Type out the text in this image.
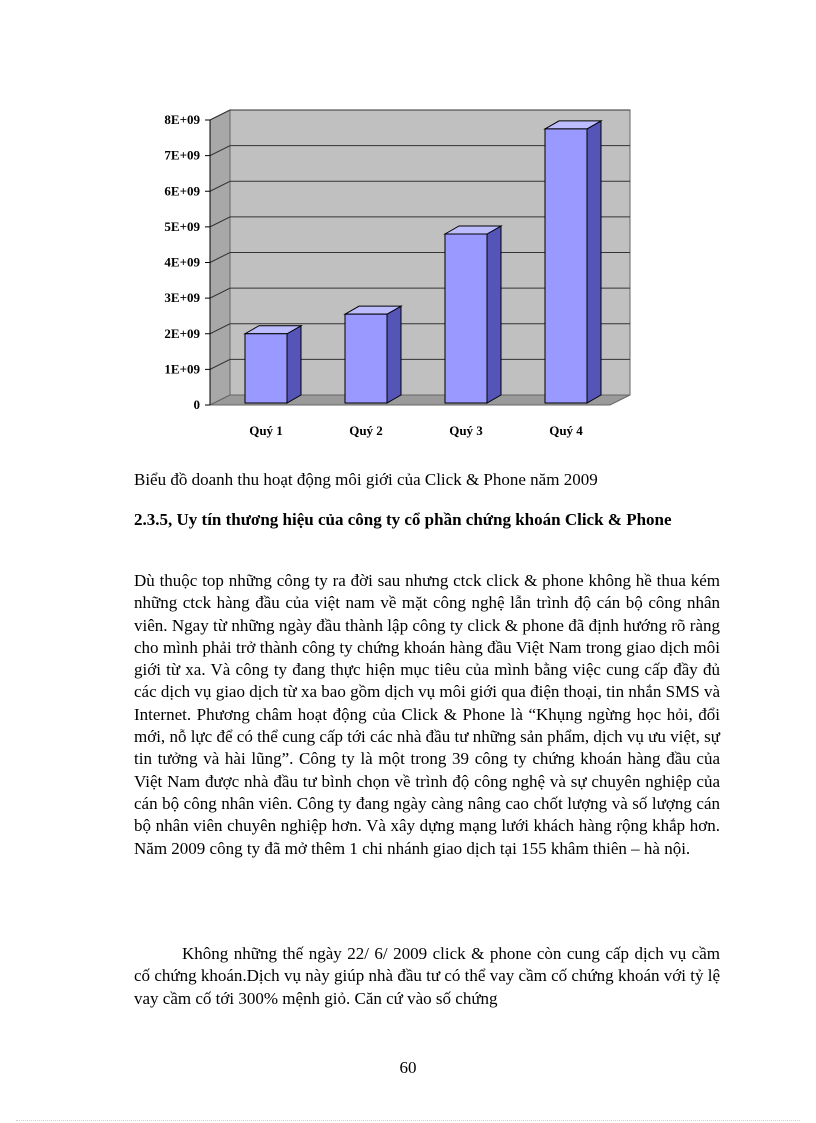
0
1E+09
2E+09
3E+09
4E+09
5E+09
6E+09
7E+09
8E+09
Quý 1	Quý 2	Quý 3	Quý 4
Biểu đồ doanh thu hoạt động môi giới của Click & Phone năm 2009
2.3.5, Uy tín thương hiệu của công ty cổ phần chứng khoán Click & Phone

Dù thuộc top những công ty ra đời sau nhưng ctck click & phone không hề thua kém những ctck hàng đầu của việt nam về mặt công nghệ lẫn trình độ cán bộ công nhân viên. Ngay từ những ngày đầu thành lập công ty click & phone đã định hướng rõ ràng cho mình phải trở thành công ty chứng khoán hàng đầu Việt Nam trong giao dịch môi giới từ xa. Và công ty đang thực hiện mục tiêu của mình bằng việc cung cấp đầy đủ các dịch vụ giao dịch từ xa bao gồm dịch vụ môi giới qua điện thoại, tin nhắn SMS và Internet. Phương châm hoạt động của Click & Phone là “Khụng ngừng học hỏi, đổi mới, nỗ lực để có thể cung cấp tới các nhà đầu tư những sản phẩm, dịch vụ ưu việt, sự tin tưởng và hài lũng”. Công ty là một trong 39 công ty chứng khoán hàng đầu của Việt Nam được nhà đầu tư bình chọn về trình độ công nghệ và sự chuyên nghiệp của cán bộ công nhân viên. Công ty đang ngày càng nâng cao chốt lượng và số lượng cán bộ nhân viên chuyên nghiệp hơn. Và xây dựng mạng lưới khách hàng rộng khắp hơn. Năm 2009 công ty đã mở thêm 1 chi nhánh giao dịch tại 155 khâm thiên – hà nội.

Không những thế ngày 22/ 6/ 2009 click & phone còn cung cấp dịch vụ cầm cố chứng khoán.Dịch vụ này giúp nhà đầu tư có thể vay cầm cố chứng khoán với tỷ lệ vay cầm cố tới 300% mệnh giỏ. Căn cứ vào số chứng

60
